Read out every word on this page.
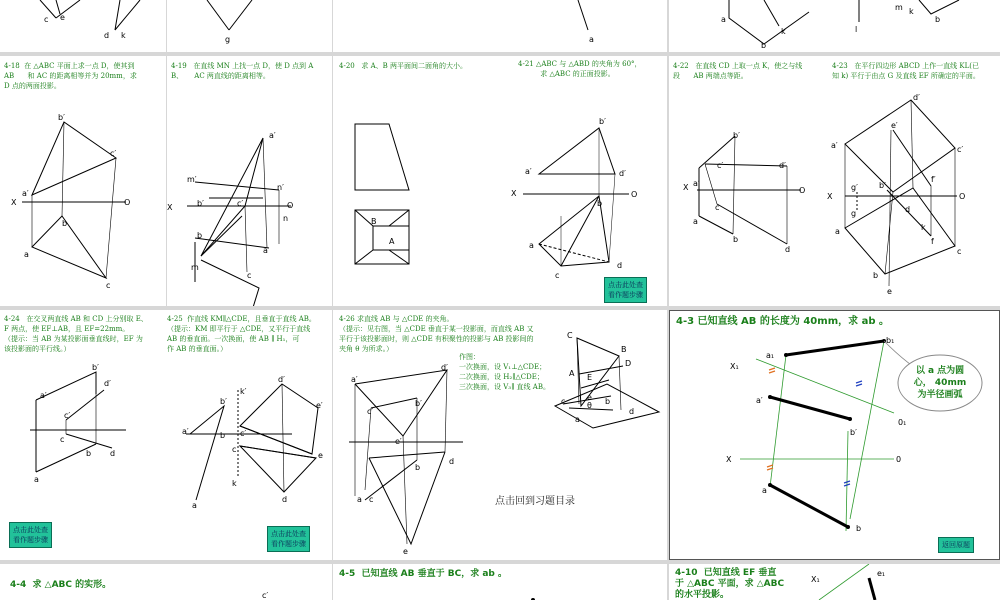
c e
d k	g	a
a
m k
b
k	l
b
4-18  在 △ABC 平面上求一点 D，使其到
AB      和 AC 的距离相等并为 20mm，求
D 点的两面投影。
b′
c′
a′
X	O
b
a
c
4-19   在直线 MN 上找一点 D，使 D 点到 A
B、     AC 两直线的距离相等。
a′
m′
n′
X	b′	c′	O
n
b
a
m
c
4-20   求 A、B 两平面间二面角的大小。	4-21 △ABC 与 △ABD 的夹角为 60°，
求 △ABC 的正面投影。
B
A
b′
a′	d′
X	O
b
a
c
d
点击此处查
看作题步骤
4-22   在直线 CD 上取一点 K，使之与线
段      AB 两端点等距。
4-23   在平行四边形 ABCD 上作一直线 KL(已
知 k) 平行于由点 G 及直线 EF 所确定的平面。
b′
c′	d′
X a′
O
c
a
b
d
d′
a′
e′
c′
f′
X
g′	b′
O
d
g
a	k
f
c
b
e
4-24   在交叉两直线 AB 和 CD 上分别取 E、
F 两点，使 EF⊥AB，且 EF=22mm。
（提示：当 AB 为某投影面垂直线时，EF 为
该投影面的平行线。）
4-25  作直线 KM∥△CDE，且垂直于直线 AB。
（提示：KM 即平行于 △CDE，又平行于直线
AB 的垂直面。一次换面，使 AB ∥ H₁，可
作 AB 的垂直面。）
b′
d′
a′
c′
c
d
b
a
d′
k′
b′	e′
a′	c′
b
c
e
k
a
d
点击此处查
看作题步骤
点击此处查
看作题步骤
4-26 求直线 AB 与 △CDE 的夹角。
（提示：见右图，当 △CDE 垂直于某一投影面，而直线 AB 又
平行于该投影面时，则 △CDE 有积聚性的投影与 AB 投影间的
夹角 θ 为所求。）
作图：
一次换面，设 V₁⊥△CDE；
二次换面，设 H₂∥△CDE；
三次换面，设 V₃∥ 直线 AB。
a′
d′
c′
b′
e′
b
d
c
a
e
C
B
D
A E
c	e b
a
d
θ
点击回到习题目录
4-3 已知直线 AB 的长度为 40mm，求 ab 。
a₁
b₁
X₁
a′
b′
0₁
X	0
a
b
以 a 点为圆
心， 40mm
为半径画弧
返回原题
4-4  求 △ABC 的实形。
c′
4-5  已知直线 AB 垂直于 BC，求 ab 。	4-10  已知直线 EF 垂直
于 △ABC 平面，求 △ABC
的水平投影。
X₁
e₁
